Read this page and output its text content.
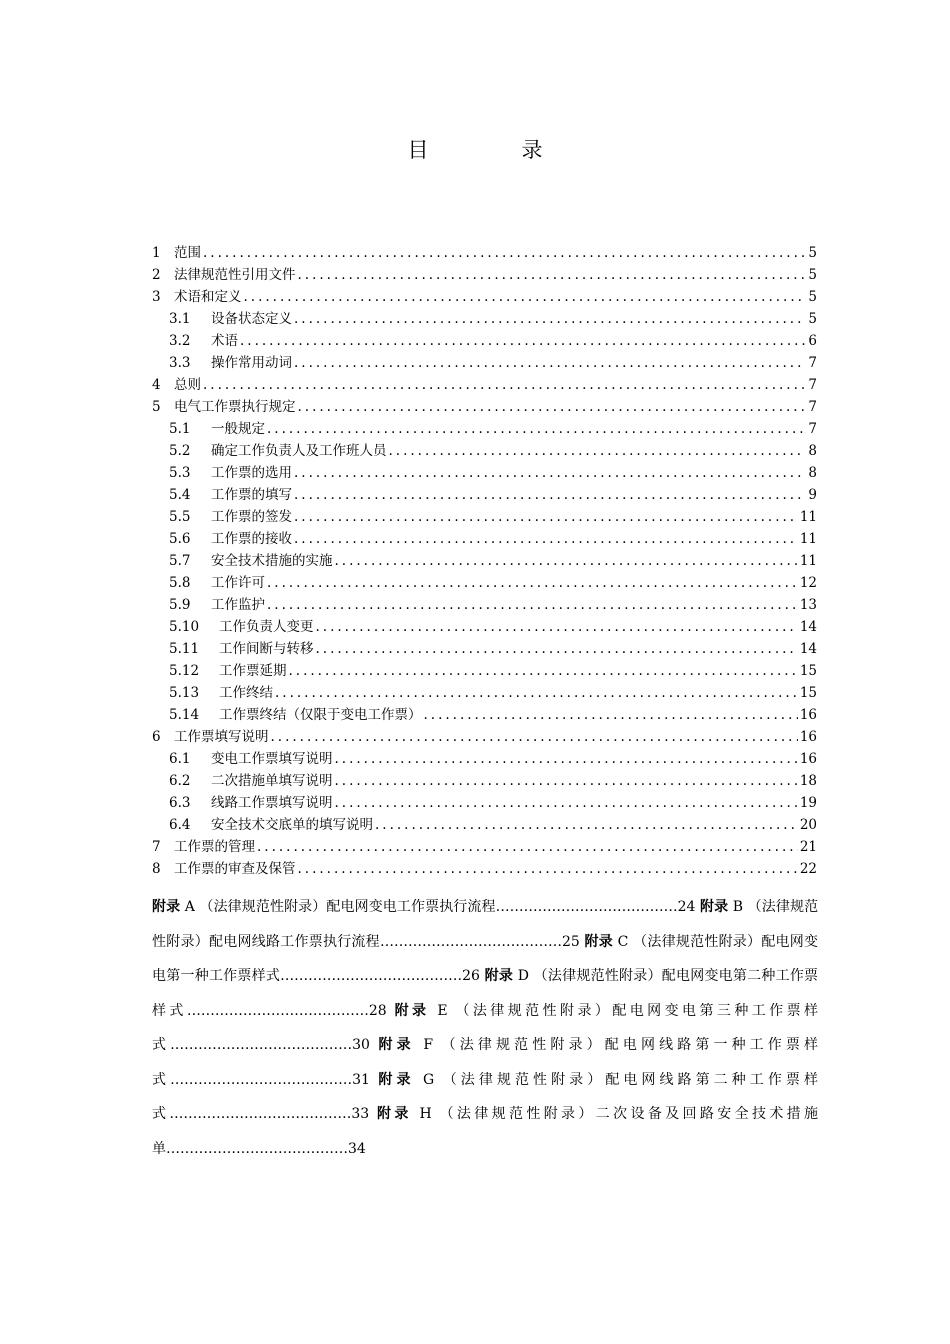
目　录
1 范围 .....	5
2 法律规范性引用文件 .....	5
3 术语和定义 .....	5
3.1	设备状态定义 .....	5
3.2	术语 .....	6
3.3	操作常用动词 .....	7
4 总则 .....	7
5 电气工作票执行规定 .....	7
5.1	一般规定 .....	7
5.2	确定工作负责人及工作班人员 .....	8
5.3	工作票的选用 .....	8
5.4	工作票的填写 .....	9
5.5	工作票的签发 .....	11
5.6	工作票的接收 .....	11
5.7	安全技术措施的实施 .....	11
5.8	工作许可 .....	12
5.9	工作监护 .....	13
5.10	工作负责人变更 .....	14
5.11	工作间断与转移 .....	14
5.12	工作票延期 .....	15
5.13	工作终结 .....	15
5.14	工作票终结（仅限于变电工作票） .....	16
6 工作票填写说明 .....	16
6.1	变电工作票填写说明 .....	16
6.2	二次措施单填写说明 .....	18
6.3	线路工作票填写说明 .....	19
6.4	安全技术交底单的填写说明 .....	20
7 工作票的管理 .....	21
8 工作票的审查及保管 .....	22
附录 A （法律规范性附录）配电网变电工作票执行流程…………………………………24 附录 B （法律规范性附录）配电网线路工作票执行流程…………………………………25 附录 C （法律规范性附录）配电网变电第一种工作票样式…………………………………26 附录 D （法律规范性附录）配电网变电第二种工作票样式…………………………………28 附录 E （法律规范性附录）配电网变电第三种工作票样式…………………………………30 附录 F （法律规范性附录）配电网线路第一种工作票样式…………………………………31 附录 G （法律规范性附录）配电网线路第二种工作票样式…………………………………33 附录 H （法律规范性附录）二次设备及回路安全技术措施单…………………………………34
